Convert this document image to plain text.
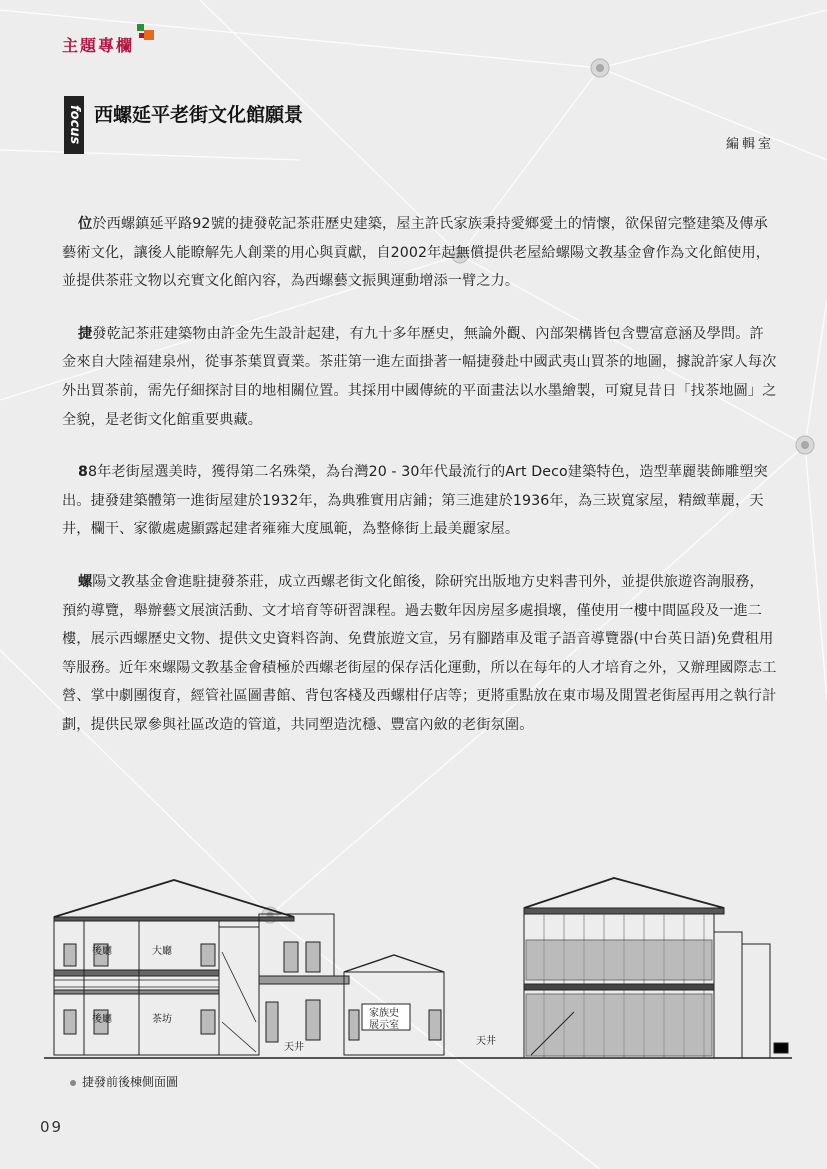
主題專欄
focus 西螺延平老街文化館願景
編輯室

位於西螺鎮延平路92號的捷發乾記茶莊歷史建築，屋主許氏家族秉持愛鄉愛土的情懷，欲保留完整建築及傳承藝術文化，讓後人能瞭解先人創業的用心與貢獻，自2002年起無償提供老屋給螺陽文教基金會作為文化館使用，並提供茶莊文物以充實文化館內容，為西螺藝文振興運動增添一臂之力。

捷發乾記茶莊建築物由許金先生設計起建，有九十多年歷史，無論外觀、內部架構皆包含豐富意涵及學問。許金來自大陸福建泉州，從事茶葉買賣業。茶莊第一進左面掛著一幅捷發赴中國武夷山買茶的地圖，據說許家人每次外出買茶前，需先仔細探討目的地相關位置。其採用中國傳統的平面畫法以水墨繪製，可窺見昔日「找茶地圖」之全貌，是老街文化館重要典藏。

88年老街屋選美時，獲得第二名殊榮，為台灣20 - 30年代最流行的Art Deco建築特色，造型華麗裝飾雕塑突出。捷發建築體第一進街屋建於1932年，為典雅實用店鋪；第三進建於1936年，為三崁寬家屋，精緻華麗，天井，欄干、家徽處處顯露起建者雍雍大度風範，為整條街上最美麗家屋。

螺陽文教基金會進駐捷發茶莊，成立西螺老街文化館後，除研究出版地方史料書刊外，並提供旅遊咨詢服務，預約導覽，舉辦藝文展演活動、文才培育等研習課程。過去數年因房屋多處損壞，僅使用一樓中間區段及一進二樓，展示西螺歷史文物、提供文史資料咨詢、免費旅遊文宣，另有腳踏車及電子語音導覽器(中台英日語)免費租用等服務。近年來螺陽文教基金會積極於西螺老街屋的保存活化運動，所以在每年的人才培育之外，又辦理國際志工營、掌中劇團復育，經管社區圖書館、背包客棧及西螺柑仔店等；更將重點放在東市場及閒置老街屋再用之執行計劃，提供民眾參與社區改造的管道，共同塑造沈穩、豐富內斂的老街氛圍。

後廳	大廳
後廳	茶坊
天井
家族史
展示室
天井
捷發前後棟側面圖
09
